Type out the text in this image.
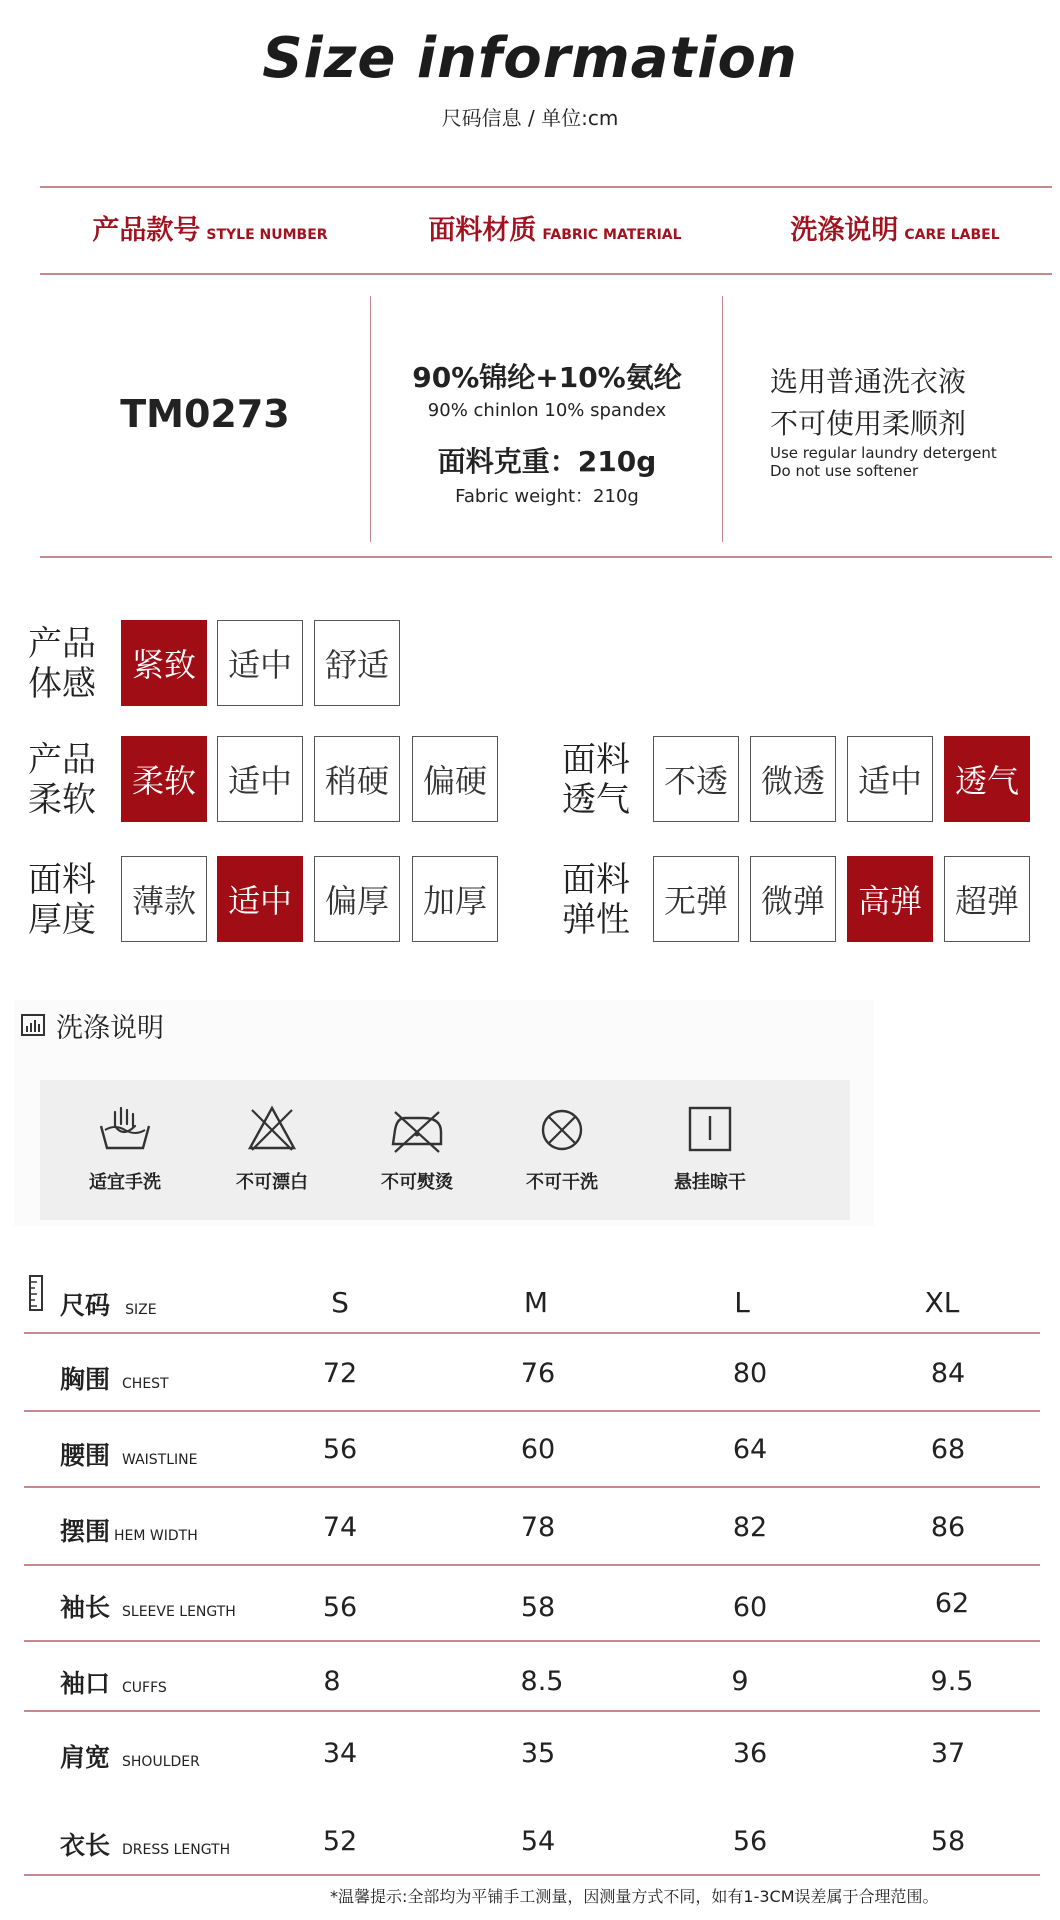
Size information
尺码信息 / 单位:cm
产品款号 STYLE NUMBER	面料材质 FABRIC MATERIAL	洗涤说明 CARE LABEL
TM0273
90%锦纶+10%氨纶
90% chinlon 10% spandex
面料克重：210g
Fabric weight：210g
选用普通洗衣液
不可使用柔顺剂
Use regular laundry detergent
Do not use softener
产品
体感	紧致 适中	舒适
产品
柔软	柔软 适中	稍硬	偏硬
面料
透气	不透	微透	适中	透气
面料
厚度	薄款 适中	偏厚	加厚
面料
弹性	无弹	微弹	高弹	超弹
洗涤说明
适宜手洗	不可漂白	不可熨烫	不可干洗	悬挂晾干
尺码 SIZE	S	M	L	XL
胸围 CHEST	72	76	80	84
腰围 WAISTLINE	56	60	64	68
摆围 HEM WIDTH	74	78	82	86
袖长 SLEEVE LENGTH	56	58	60	62
袖口 CUFFS	8	8.5	9	9.5
肩宽 SHOULDER	34	35	36	37
衣长 DRESS LENGTH	52	54	56	58
*温馨提示:全部均为平铺手工测量，因测量方式不同，如有1-3CM误差属于合理范围。
